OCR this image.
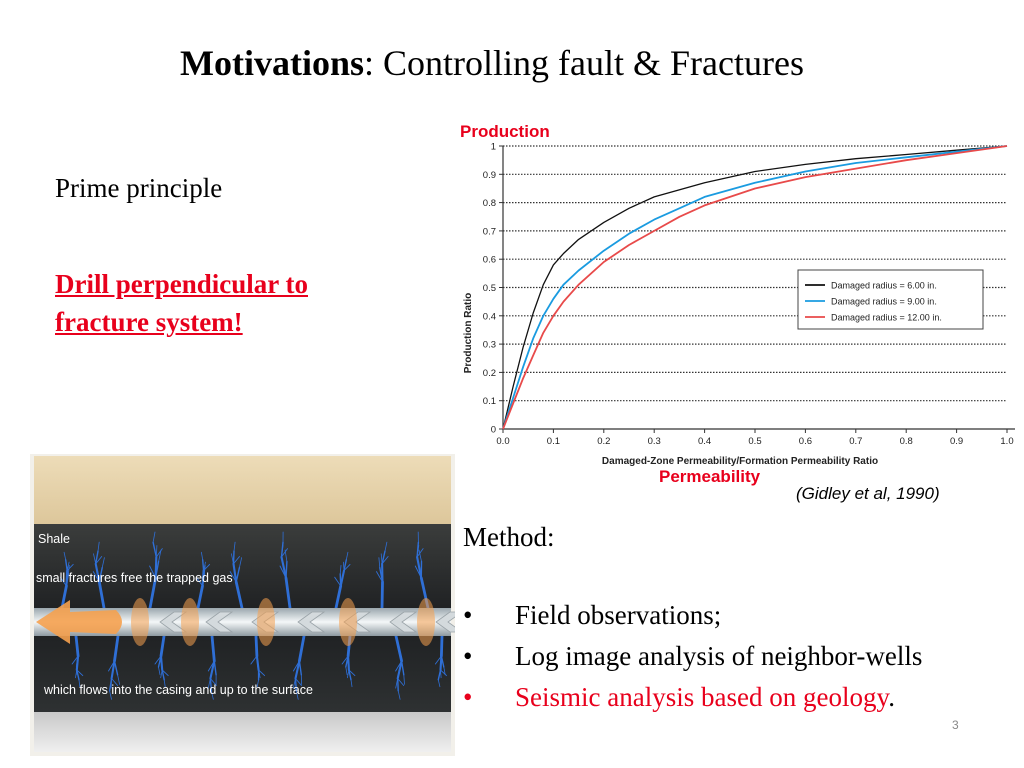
Motivations: Controlling fault & Fractures
Prime principle
Drill perpendicular to
fracture system!
0
0.1
0.2
0.3
0.4
0.5
0.6
0.7
0.8
0.9
1
0.0	0.1	0.2	0.3	0.4	0.5	0.6	0.7	0.8	0.9	1.0
Damaged radius = 6.00 in.
Damaged radius = 9.00 in.
Damaged radius = 12.00 in.
Production Ratio
Damaged-Zone Permeability/Formation Permeability Ratio
Production
Permeability
(Gidley et al, 1990)
Shale
small fractures free the trapped gas
which flows into the casing and up to the surface
Method:
•	Field observations;
•	Log image analysis of neighbor-wells
•	Seismic analysis based on geology.
3
